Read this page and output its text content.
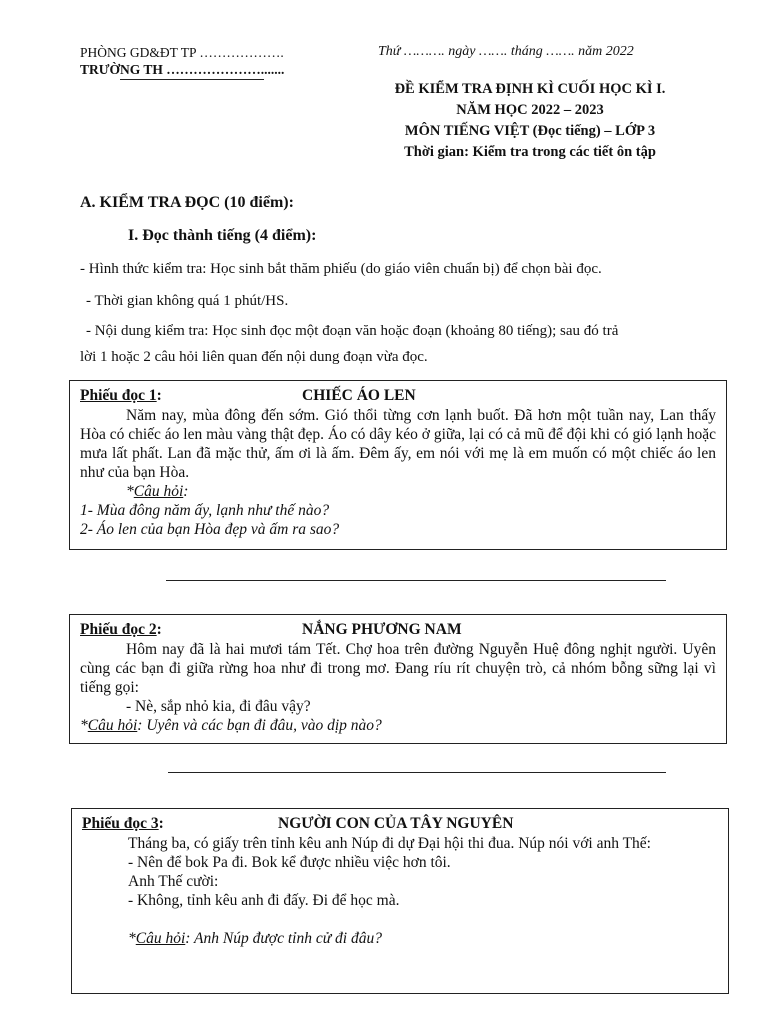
PHÒNG GD&ĐT TP ……………….
TRƯỜNG TH ………………….......
Thứ ………. ngày ……. tháng ……. năm 2022
ĐỀ KIỂM TRA ĐỊNH KÌ CUỐI HỌC KÌ I.
NĂM HỌC 2022 – 2023
MÔN TIẾNG VIỆT (Đọc tiếng) – LỚP 3
Thời gian: Kiểm tra trong các tiết ôn tập
A. KIỂM TRA ĐỌC (10 điểm):
I. Đọc thành tiếng (4 điểm):
- Hình thức kiểm tra: Học sinh bắt thăm phiếu (do giáo viên chuẩn bị) để chọn bài đọc.
- Thời gian không quá 1 phút/HS.
- Nội dung kiểm tra: Học sinh đọc một đoạn văn hoặc đoạn (khoảng 80 tiếng); sau đó trả
lời 1 hoặc 2 câu hỏi liên quan đến nội dung đoạn vừa đọc.
Phiếu đọc 1:	CHIẾC ÁO LEN
Năm nay, mùa đông đến sớm. Gió thổi từng cơn lạnh buốt. Đã hơn một tuần nay, Lan thấy Hòa có chiếc áo len màu vàng thật đẹp. Áo có dây kéo ở giữa, lại có cả mũ để đội khi có gió lạnh hoặc mưa lất phất. Lan đã mặc thử, ấm ơi là ấm. Đêm ấy, em nói với mẹ là em muốn có một chiếc áo len như của bạn Hòa.
*Câu hỏi:
1- Mùa đông năm ấy, lạnh như thế nào?
2- Áo len của bạn Hòa đẹp và ấm ra sao?
Phiếu đọc 2:	NẮNG PHƯƠNG NAM
Hôm nay đã là hai mươi tám Tết. Chợ hoa trên đường Nguyễn Huệ đông nghịt người. Uyên cùng các bạn đi giữa rừng hoa như đi trong mơ. Đang ríu rít chuyện trò, cả nhóm bỗng sững lại vì tiếng gọi:
- Nè, sắp nhỏ kia, đi đâu vậy?
*Câu hỏi: Uyên và các bạn đi đâu, vào dịp nào?
Phiếu đọc 3:	NGƯỜI CON CỦA TÂY NGUYÊN
Tháng ba, có giấy trên tỉnh kêu anh Núp đi dự Đại hội thi đua. Núp nói với anh Thế:
- Nên để bok Pa đi. Bok kể được nhiều việc hơn tôi.
Anh Thế cười:
- Không, tỉnh kêu anh đi đấy. Đi để học mà.
*Câu hỏi: Anh Núp được tỉnh cử đi đâu?
